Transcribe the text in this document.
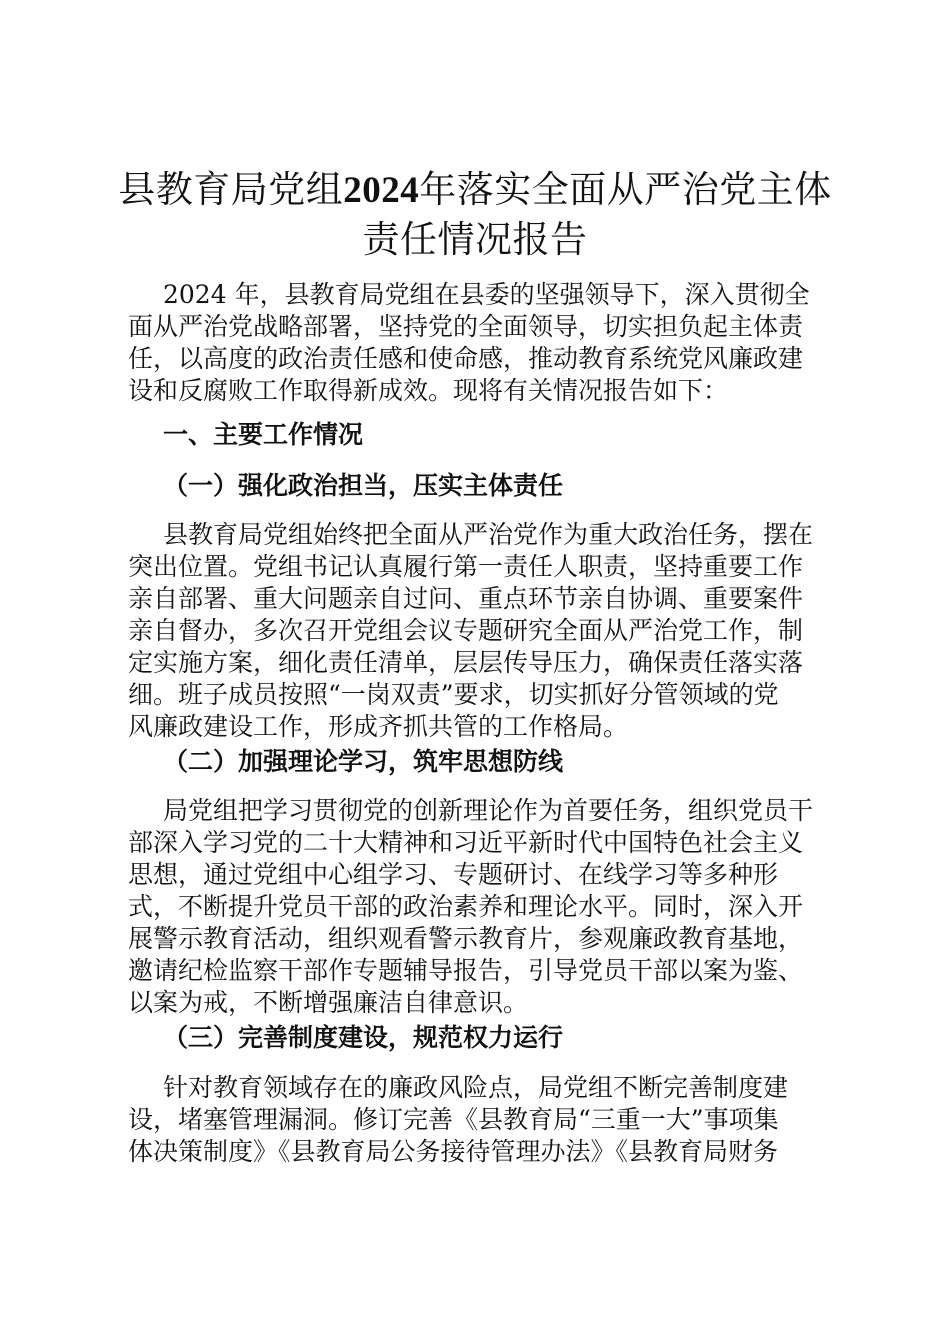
县教育局党组2024年落实全面从严治党主体
责任情况报告
2024 年，县教育局党组在县委的坚强领导下，深入贯彻全
面从严治党战略部署，坚持党的全面领导，切实担负起主体责
任，以高度的政治责任感和使命感，推动教育系统党风廉政建
设和反腐败工作取得新成效。现将有关情况报告如下：
一、主要工作情况
（一）强化政治担当，压实主体责任
县教育局党组始终把全面从严治党作为重大政治任务，摆在
突出位置。党组书记认真履行第一责任人职责，坚持重要工作
亲自部署、重大问题亲自过问、重点环节亲自协调、重要案件
亲自督办，多次召开党组会议专题研究全面从严治党工作，制
定实施方案，细化责任清单，层层传导压力，确保责任落实落
细。班子成员按照“一岗双责”要求，切实抓好分管领域的党
风廉政建设工作，形成齐抓共管的工作格局。
（二）加强理论学习，筑牢思想防线
局党组把学习贯彻党的创新理论作为首要任务，组织党员干
部深入学习党的二十大精神和习近平新时代中国特色社会主义
思想，通过党组中心组学习、专题研讨、在线学习等多种形
式，不断提升党员干部的政治素养和理论水平。同时，深入开
展警示教育活动，组织观看警示教育片，参观廉政教育基地，
邀请纪检监察干部作专题辅导报告，引导党员干部以案为鉴、
以案为戒，不断增强廉洁自律意识。
（三）完善制度建设，规范权力运行
针对教育领域存在的廉政风险点，局党组不断完善制度建
设，堵塞管理漏洞。修订完善《县教育局“三重一大”事项集
体决策制度》《县教育局公务接待管理办法》《县教育局财务
